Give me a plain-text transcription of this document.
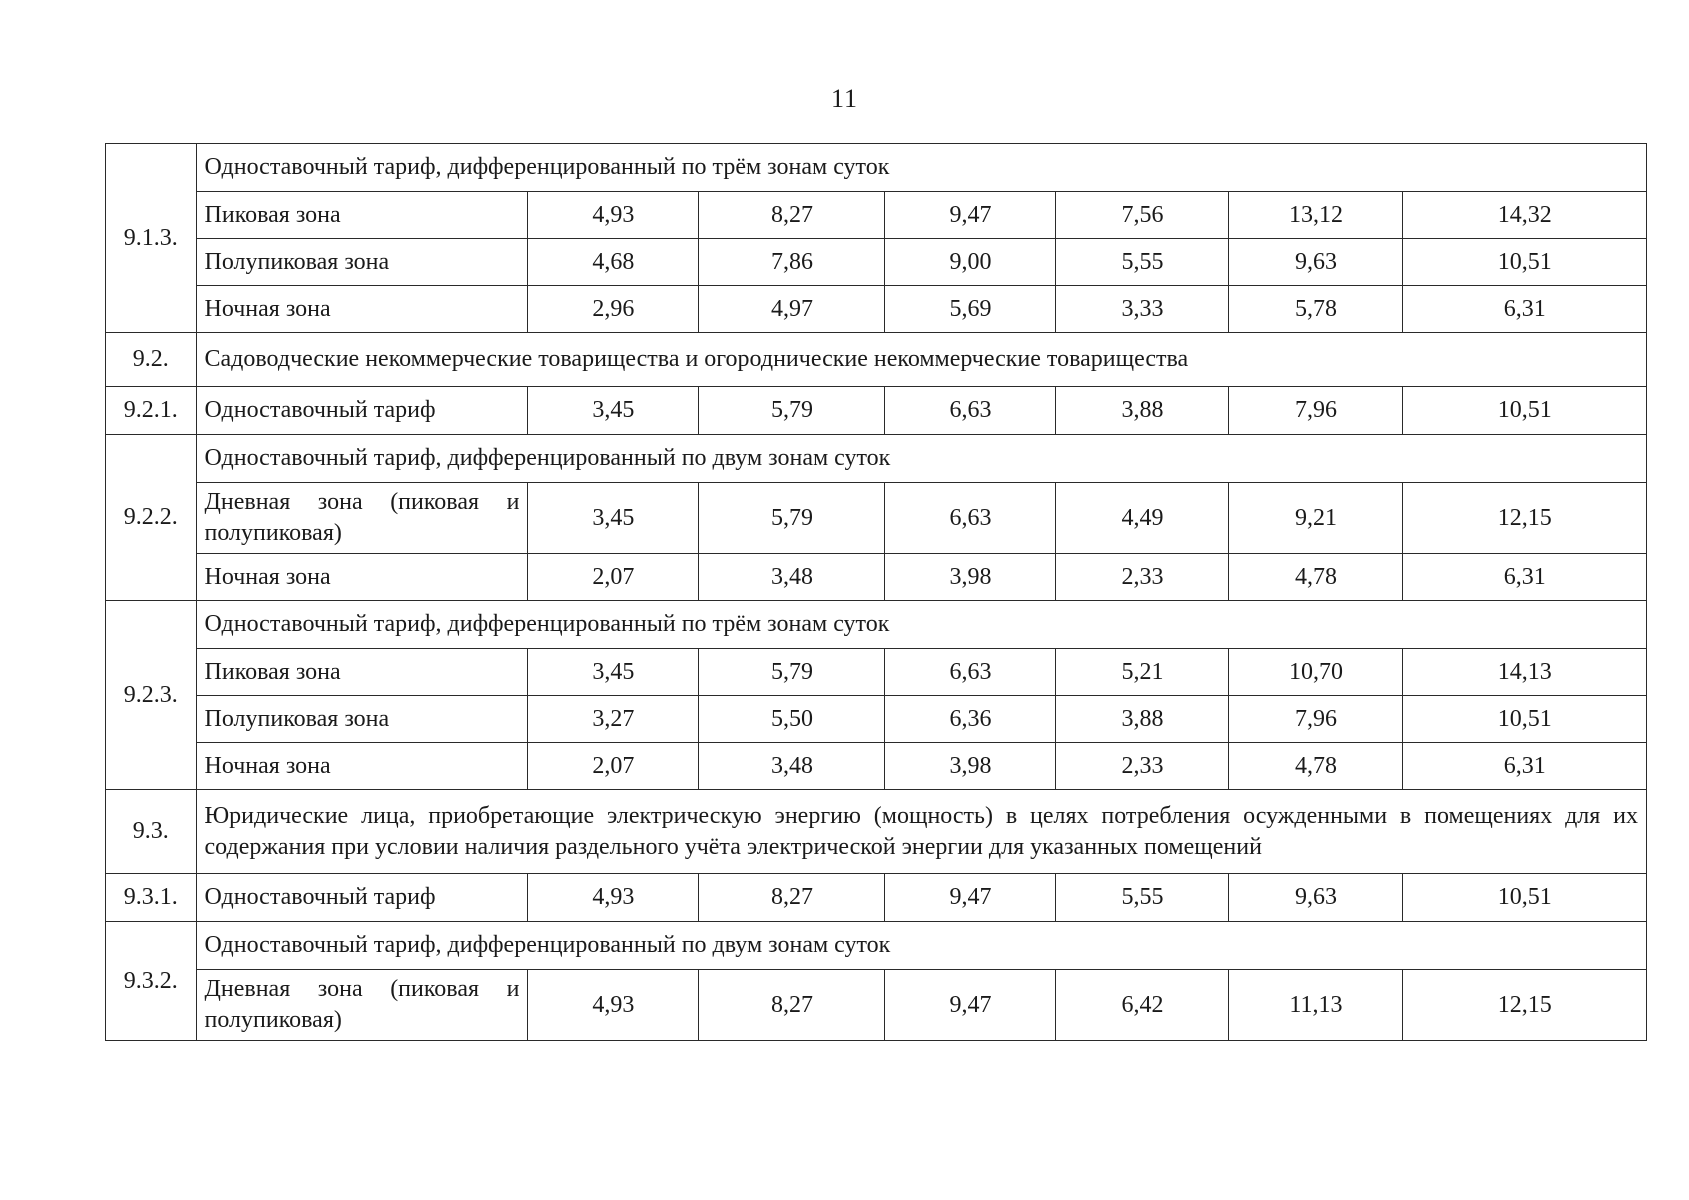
11
9.1.3.	Одноставочный тариф, дифференцированный по трём зонам суток						
	Пиковая зона	4,93	8,27	9,47	7,56	13,12	14,32
	Полупиковая зона	4,68	7,86	9,00	5,55	9,63	10,51
	Ночная зона	2,96	4,97	5,69	3,33	5,78	6,31
9.2.	Садоводческие некоммерческие товарищества и огороднические некоммерческие товарищества						
9.2.1.	Одноставочный тариф	3,45	5,79	6,63	3,88	7,96	10,51
9.2.2.	Одноставочный тариф, дифференцированный по двум зонам суток						
	Дневная зона (пиковая и полупиковая)	3,45	5,79	6,63	4,49	9,21	12,15
	Ночная зона	2,07	3,48	3,98	2,33	4,78	6,31
9.2.3.	Одноставочный тариф, дифференцированный по трём зонам суток						
	Пиковая зона	3,45	5,79	6,63	5,21	10,70	14,13
	Полупиковая зона	3,27	5,50	6,36	3,88	7,96	10,51
	Ночная зона	2,07	3,48	3,98	2,33	4,78	6,31
9.3.	Юридические лица, приобретающие электрическую энергию (мощность) в целях потребления осужденными в помещениях для их содержания при условии наличия раздельного учёта электрической энергии для указанных помещений						
9.3.1.	Одноставочный тариф	4,93	8,27	9,47	5,55	9,63	10,51
9.3.2.	Одноставочный тариф, дифференцированный по двум зонам суток						
	Дневная зона (пиковая и полупиковая)	4,93	8,27	9,47	6,42	11,13	12,15
